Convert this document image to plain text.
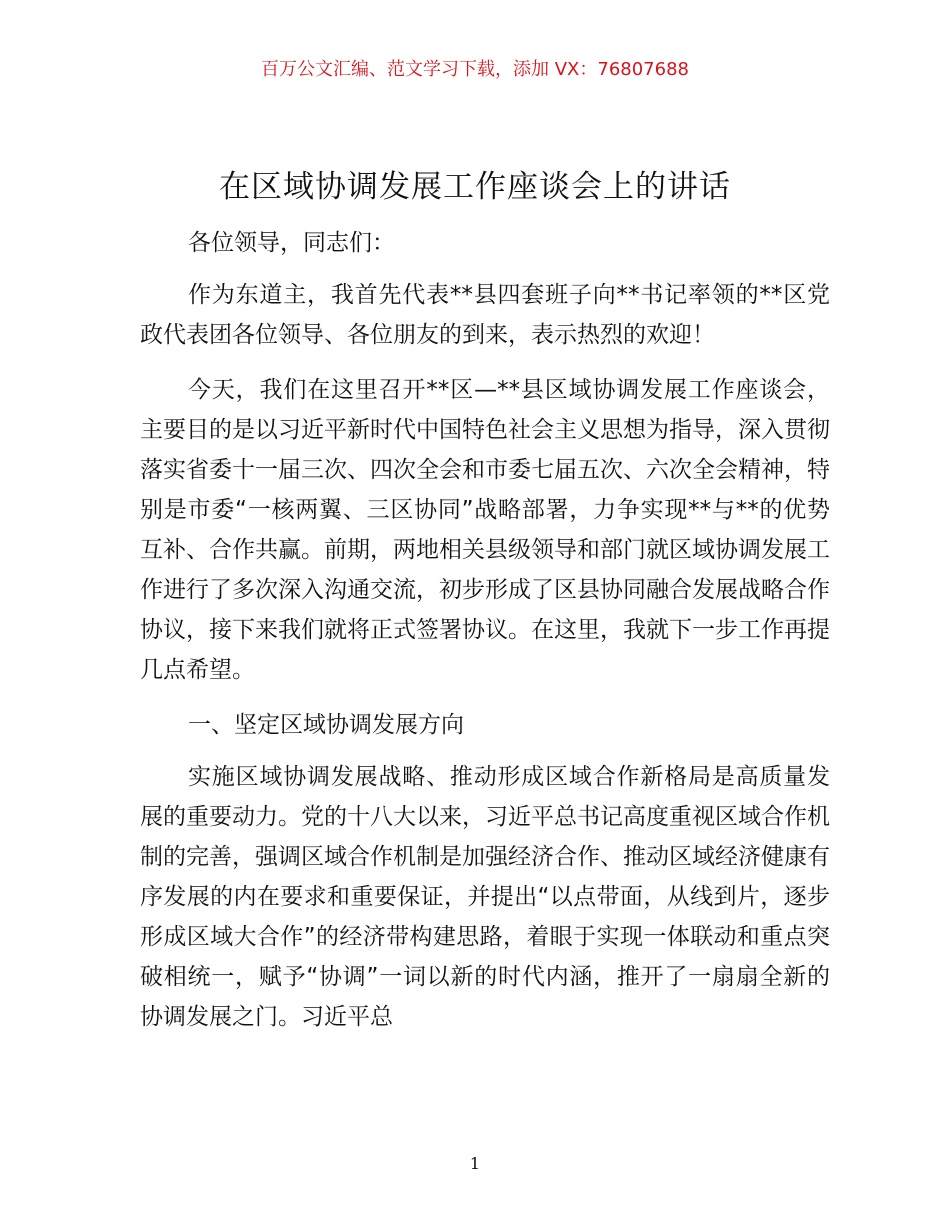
百万公文汇编、范文学习下载，添加 VX：76807688
在区域协调发展工作座谈会上的讲话

各位领导，同志们：

作为东道主，我首先代表**县四套班子向**书记率领的**区党政代表团各位领导、各位朋友的到来，表示热烈的欢迎！

今天，我们在这里召开**区—**县区域协调发展工作座谈会，主要目的是以习近平新时代中国特色社会主义思想为指导，深入贯彻落实省委十一届三次、四次全会和市委七届五次、六次全会精神，特别是市委“一核两翼、三区协同”战略部署，力争实现**与**的优势互补、合作共赢。前期，两地相关县级领导和部门就区域协调发展工作进行了多次深入沟通交流，初步形成了区县协同融合发展战略合作协议，接下来我们就将正式签署协议。在这里，我就下一步工作再提几点希望。

一、坚定区域协调发展方向

实施区域协调发展战略、推动形成区域合作新格局是高质量发展的重要动力。党的十八大以来，习近平总书记高度重视区域合作机制的完善，强调区域合作机制是加强经济合作、推动区域经济健康有序发展的内在要求和重要保证，并提出“以点带面，从线到片，逐步形成区域大合作”的经济带构建思路，着眼于实现一体联动和重点突破相统一，赋予“协调”一词以新的时代内涵，推开了一扇扇全新的协调发展之门。习近平总

1
